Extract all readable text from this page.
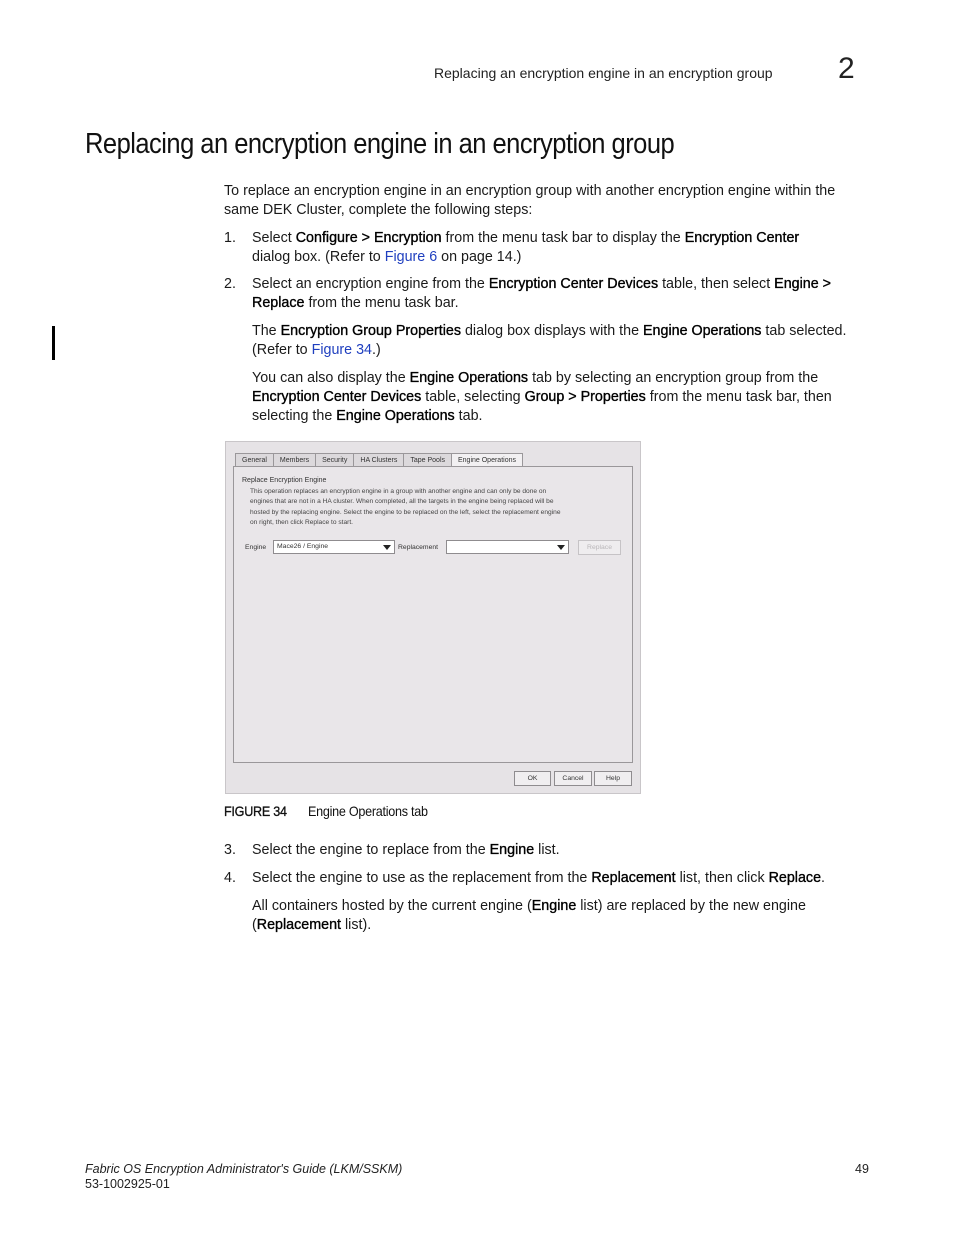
Replacing an encryption engine in an encryption group 2
Replacing an encryption engine in an encryption group
To replace an encryption engine in an encryption group with another encryption engine within the same DEK Cluster, complete the following steps:
1.	Select Configure > Encryption from the menu task bar to display the Encryption Center
dialog box. (Refer to Figure 6 on page 14.)
2.	Select an encryption engine from the Encryption Center Devices table, then select Engine >
Replace from the menu task bar.
The Encryption Group Properties dialog box displays with the Engine Operations tab selected.
(Refer to Figure 34.)
You can also display the Engine Operations tab by selecting an encryption group from the
Encryption Center Devices table, selecting Group > Properties from the menu task bar, then
selecting the Engine Operations tab.
General	Members	Security	HA Clusters	Tape Pools	Engine Operations
Replace Encryption Engine
This operation replaces an encryption engine in a group with another engine and can only be done on
engines that are not in a HA cluster. When completed, all the targets in the engine being replaced will be
hosted by the replacing engine. Select the engine to be replaced on the left, select the replacement engine
on right, then click Replace to start.
Engine	Mace26 / Engine	Replacement	Replace
OK	Cancel	Help
FIGURE 34 Engine Operations tab
3.	Select the engine to replace from the Engine list.
4.	Select the engine to use as the replacement from the Replacement list, then click Replace.
All containers hosted by the current engine (Engine list) are replaced by the new engine
(Replacement list).
Fabric OS Encryption Administrator's Guide (LKM/SSKM)
53-1002925-01
49
